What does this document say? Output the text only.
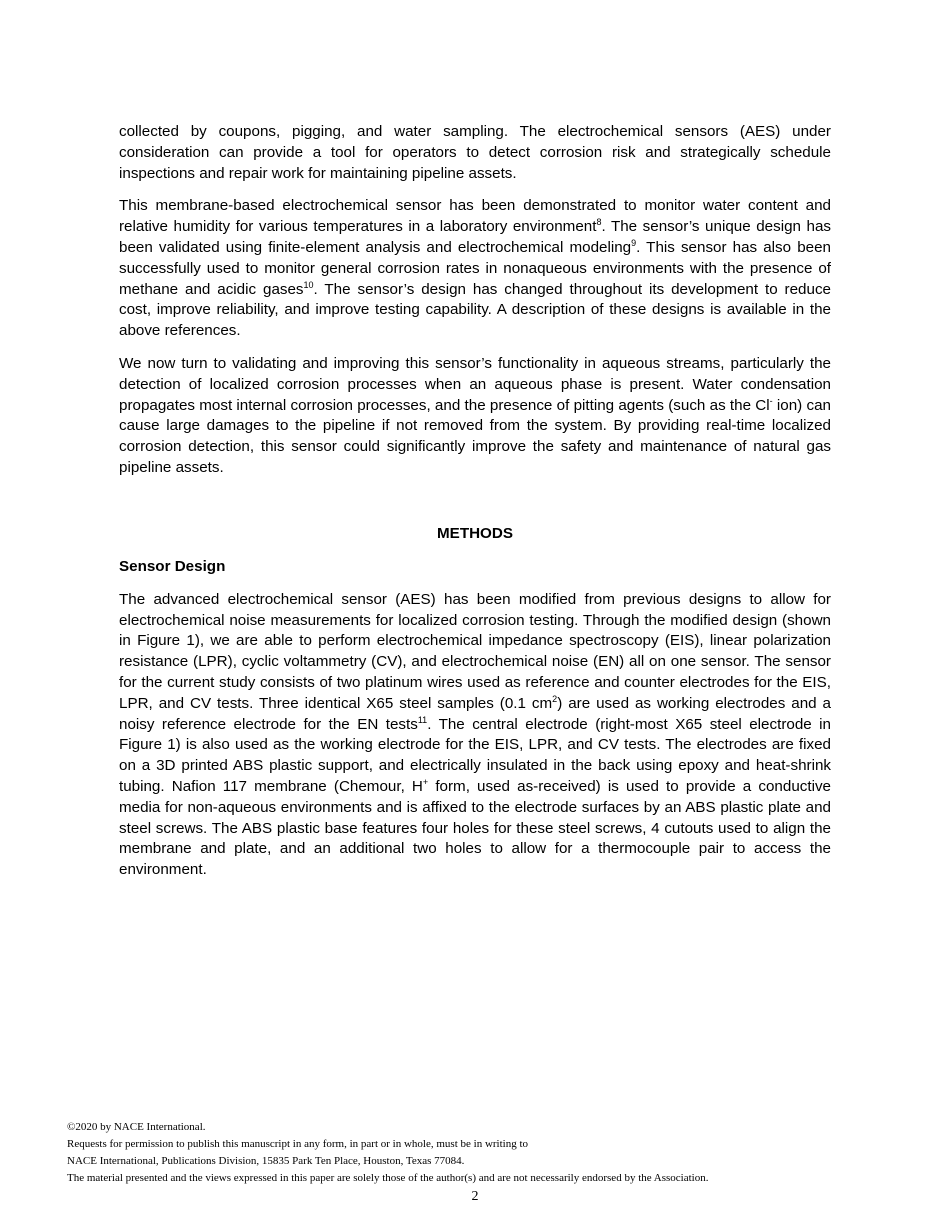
collected by coupons, pigging, and water sampling. The electrochemical sensors (AES) under consideration can provide a tool for operators to detect corrosion risk and strategically schedule inspections and repair work for maintaining pipeline assets.

This membrane-based electrochemical sensor has been demonstrated to monitor water content and relative humidity for various temperatures in a laboratory environment$^8$. The sensor’s unique design has been validated using finite-element analysis and electrochemical modeling$^9$. This sensor has also been successfully used to monitor general corrosion rates in nonaqueous environments with the presence of methane and acidic gases$^{10}$. The sensor’s design has changed throughout its development to reduce cost, improve reliability, and improve testing capability. A description of these designs is available in the above references.

We now turn to validating and improving this sensor’s functionality in aqueous streams, particularly the detection of localized corrosion processes when an aqueous phase is present. Water condensation propagates most internal corrosion processes, and the presence of pitting agents (such as the Cl- ion) can cause large damages to the pipeline if not removed from the system. By providing real-time localized corrosion detection, this sensor could significantly improve the safety and maintenance of natural gas pipeline assets.

METHODS
Sensor Design

The advanced electrochemical sensor (AES) has been modified from previous designs to allow for electrochemical noise measurements for localized corrosion testing. Through the modified design (shown in Figure 1), we are able to perform electrochemical impedance spectroscopy (EIS), linear polarization resistance (LPR), cyclic voltammetry (CV), and electrochemical noise (EN) all on one sensor. The sensor for the current study consists of two platinum wires used as reference and counter electrodes for the EIS, LPR, and CV tests. Three identical X65 steel samples (0.1 $cm^2$) are used as working electrodes and a noisy reference electrode for the EN tests$^{11}$. The central electrode (right-most X65 steel electrode in Figure 1) is also used as the working electrode for the EIS, LPR, and CV tests. The electrodes are fixed on a 3D printed ABS plastic support, and electrically insulated in the back using epoxy and heat-shrink tubing. Nafion 117 membrane (Chemour, H+ form, used as-received) is used to provide a conductive media for non-aqueous environments and is affixed to the electrode surfaces by an ABS plastic plate and steel screws. The ABS plastic base features four holes for these steel screws, 4 cutouts used to align the membrane and plate, and an additional two holes to allow for a thermocouple pair to access the environment.

©2020 by NACE International.
Requests for permission to publish this manuscript in any form, in part or in whole, must be in writing to
NACE International, Publications Division, 15835 Park Ten Place, Houston, Texas 77084.
The material presented and the views expressed in this paper are solely those of the author(s) and are not necessarily endorsed by the Association.
2
